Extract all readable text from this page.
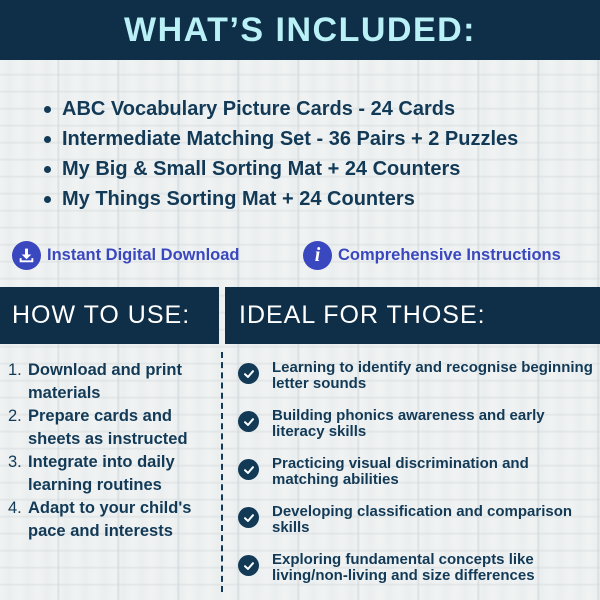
WHAT’S INCLUDED:
ABC Vocabulary Picture Cards - 24 Cards
Intermediate Matching Set - 36 Pairs + 2 Puzzles
My Big & Small Sorting Mat + 24 Counters
My Things Sorting Mat + 24 Counters
Instant Digital Download	i Comprehensive Instructions
HOW TO USE: IDEAL FOR THOSE:
1. Download and print materials
2. Prepare cards and sheets as instructed
3. Integrate into daily learning routines
4. Adapt to your child's pace and interests
Learning to identify and recognise beginning letter sounds
Building phonics awareness and early literacy skills
Practicing visual discrimination and matching abilities
Developing classification and comparison skills
Exploring fundamental concepts like living/non-living and size differences
